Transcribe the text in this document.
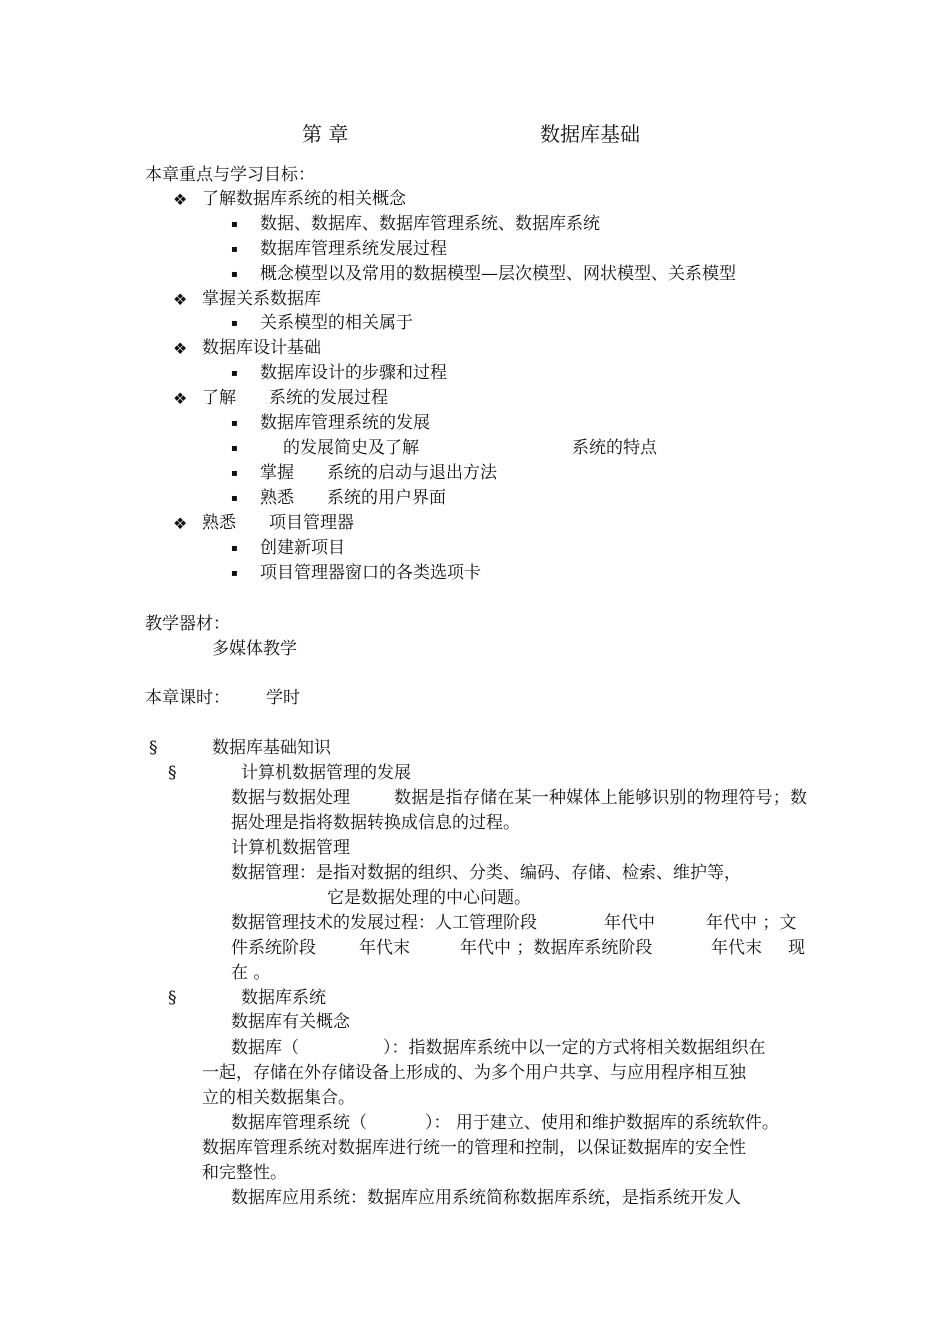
第 章	数据库基础
本章重点与学习目标：
❖ 了解数据库系统的相关概念
▪ 数据、数据库、数据库管理系统、数据库系统
▪ 数据库管理系统发展过程
▪ 概念模型以及常用的数据模型—层次模型、网状模型、关系模型
❖ 掌握关系数据库
▪ 关系模型的相关属于
❖ 数据库设计基础
▪ 数据库设计的步骤和过程
❖ 了解 系统的发展过程
▪ 数据库管理系统的发展
▪	的发展简史及了解	系统的特点
▪ 掌握 系统的启动与退出方法
▪ 熟悉 系统的用户界面
❖ 熟悉 项目管理器
▪ 创建新项目
▪ 项目管理器窗口的各类选项卡
教学器材：
多媒体教学
本章课时： 学时
§	数据库基础知识
§	计算机数据管理的发展
数据与数据处理	数据是指存储在某一种媒体上能够识别的物理符号；数据处理是指将数据转换成信息的过程。
计算机数据管理
数据管理：是指对数据的组织、分类、编码、存储、检索、维护等，
它是数据处理的中心问题。
数据管理技术的发展过程：人工管理阶段	年代中	年代中 ；文
件系统阶段	年代末	年代中 ；数据库系统阶段	年代末 现
在 。
§	数据库系统
数据库有关概念
数据库（	）：指数据库系统中以一定的方式将相关数据组织在
一起，存储在外存储设备上形成的、为多个用户共享、与应用程序相互独
立的相关数据集合。
数据库管理系统（	）： 用于建立、使用和维护数据库的系统软件。
数据库管理系统对数据库进行统一的管理和控制，以保证数据库的安全性
和完整性。
数据库应用系统：数据库应用系统简称数据库系统，是指系统开发人
